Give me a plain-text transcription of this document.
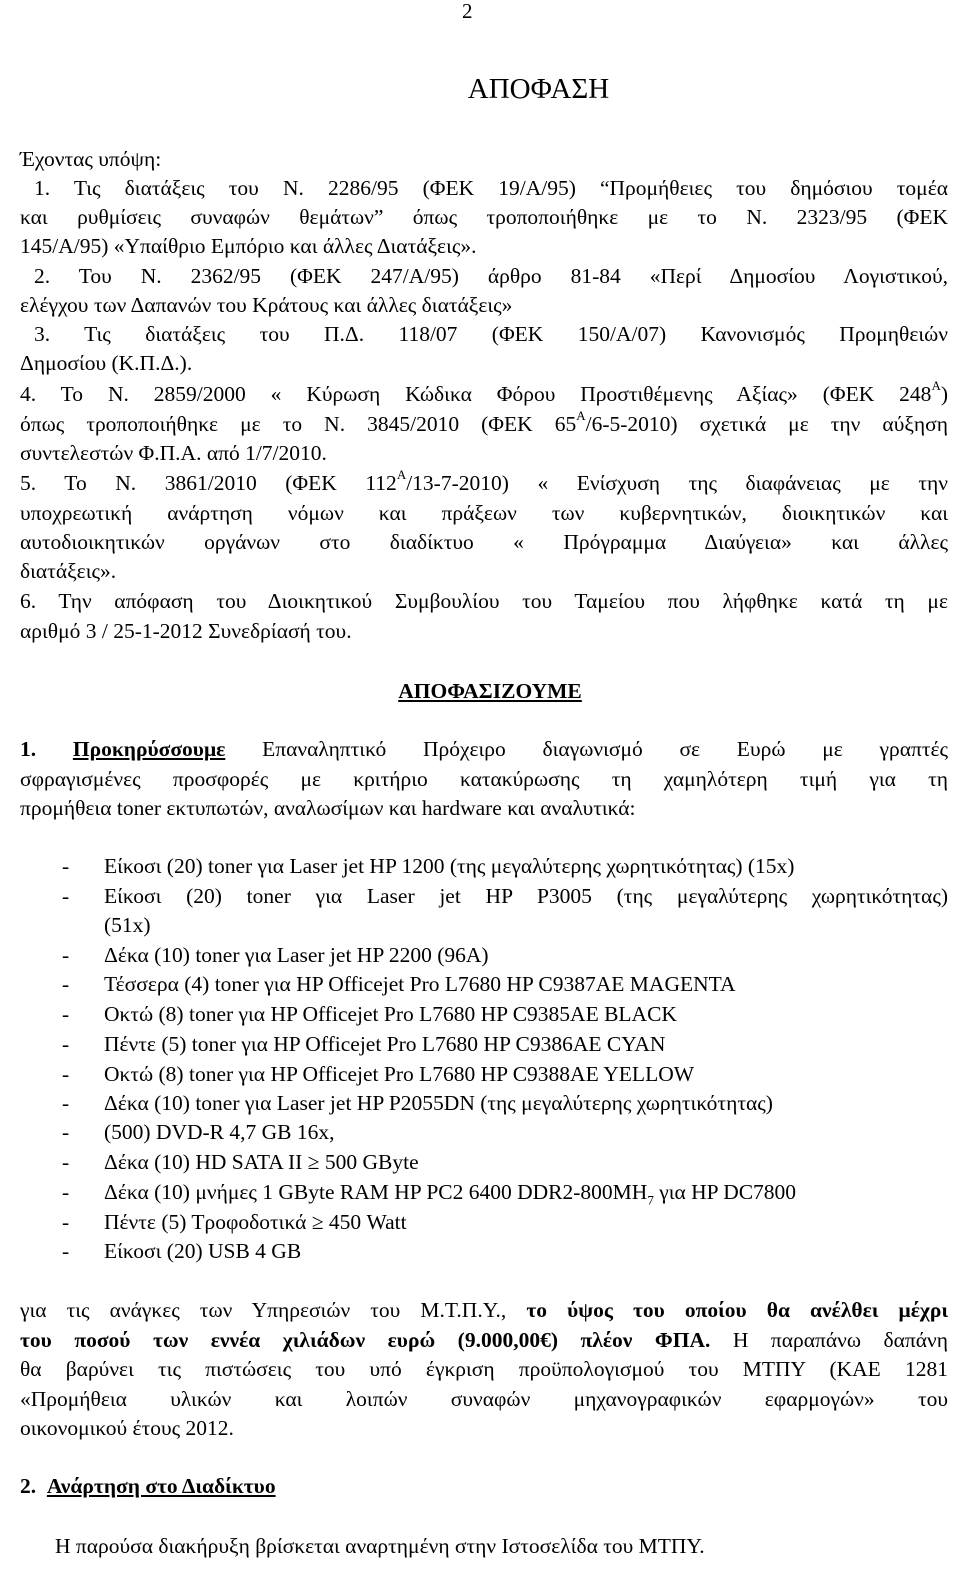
2
ΑΠΟΦΑΣΗ
Έχοντας υπόψη:
1. Τις διατάξεις του Ν. 2286/95 (ΦΕΚ 19/Α/95) “Προμήθειες του δημόσιου τομέα
και ρυθμίσεις συναφών θεμάτων” όπως τροποποιήθηκε με το Ν. 2323/95 (ΦΕΚ
145/Α/95) «Υπαίθριο Εμπόριο και άλλες Διατάξεις».
2. Του Ν. 2362/95 (ΦΕΚ 247/Α/95) άρθρο 81-84 «Περί Δημοσίου Λογιστικού,
ελέγχου των Δαπανών του Κράτους και άλλες διατάξεις»
3. Τις διατάξεις του Π.Δ. 118/07 (ΦΕΚ 150/Α/07) Κανονισμός Προμηθειών
Δημοσίου (Κ.Π.Δ.).
4. Το Ν. 2859/2000 « Κύρωση Κώδικα Φόρου Προστιθέμενης Αξίας» (ΦΕΚ $248^A$)
όπως τροποποιήθηκε με το Ν. 3845/2010 (ΦΕΚ $65^A/6-5-2010$) σχετικά με την αύξηση
συντελεστών Φ.Π.Α. από 1/7/2010.
5. Το Ν. 3861/2010 (ΦΕΚ $112^A/13-7-2010$) « Ενίσχυση της διαφάνειας με την
υποχρεωτική ανάρτηση νόμων και πράξεων των κυβερνητικών, διοικητικών και
αυτοδιοικητικών οργάνων στο διαδίκτυο « Πρόγραμμα Διαύγεια» και άλλες
διατάξεις».
6. Την απόφαση του Διοικητικού Συμβουλίου του Ταμείου που λήφθηκε κατά τη με
αριθμό 3 / 25-1-2012 Συνεδρίασή του.
ΑΠΟΦΑΣΙΖΟΥΜΕ
1. Προκηρύσσουμε Επαναληπτικό Πρόχειρο διαγωνισμό σε Ευρώ με γραπτές
σφραγισμένες προσφορές με κριτήριο κατακύρωσης τη χαμηλότερη τιμή για τη
προμήθεια toner εκτυπωτών, αναλωσίμων και hardware και αναλυτικά:
- Είκοσι (20) toner για Laser jet HP 1200 (της μεγαλύτερης χωρητικότητας) (15x)
-	Είκοσι (20) toner για Laser jet HP P3005 (της μεγαλύτερης χωρητικότητας)
(51x)
- Δέκα (10) toner για Laser jet HP 2200 (96A)
- Τέσσερα (4) toner για HP Officejet Pro L7680 HP C9387AE MAGENTA
- Οκτώ (8) toner για HP Officejet Pro L7680 HP C9385AE BLACK
- Πέντε (5) toner για HP Officejet Pro L7680 HP C9386AE CYAN
- Οκτώ (8) toner για HP Officejet Pro L7680 HP C9388AE YELLOW
- Δέκα (10) toner για Laser jet HP P2055DN (της μεγαλύτερης χωρητικότητας)
- (500) DVD-R 4,7 GB 16x,
- Δέκα (10) HD SATA II ≥ 500 GByte
- Δέκα (10) μνήμες 1 GByte RAM HP PC2 6400 $DDR2-800MH_7$ για HP DC7800
- Πέντε (5) Τροφοδοτικά ≥ 450 Watt
- Είκοσι (20) USB 4 GB
για τις ανάγκες των Υπηρεσιών του Μ.Τ.Π.Υ., το ύψος του οποίου θα ανέλθει μέχρι
του ποσού των εννέα χιλιάδων ευρώ (9.000,00€) πλέον ΦΠΑ. Η παραπάνω δαπάνη
θα βαρύνει τις πιστώσεις του υπό έγκριση προϋπολογισμού του ΜΤΠΥ (ΚΑΕ 1281
«Προμήθεια υλικών και λοιπών συναφών μηχανογραφικών εφαρμογών» του
οικονομικού έτους 2012.
2. Ανάρτηση στο Διαδίκτυο
Η παρούσα διακήρυξη βρίσκεται αναρτημένη στην Ιστοσελίδα του ΜΤΠΥ.
